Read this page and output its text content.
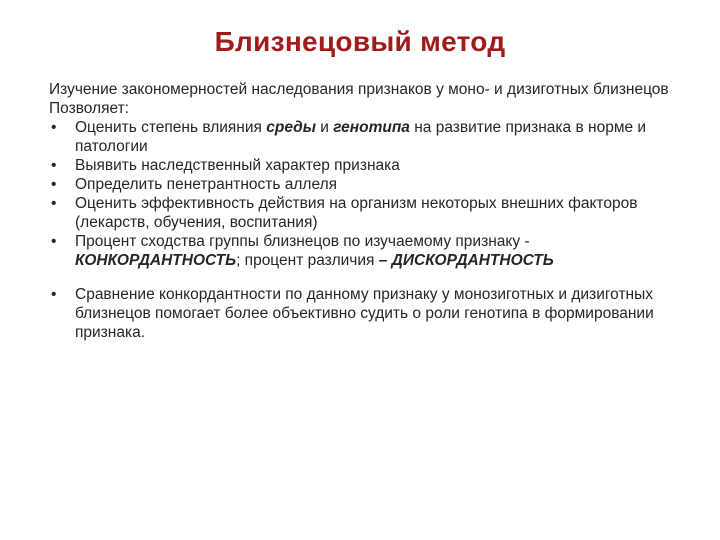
Близнецовый метод

Изучение закономерностей наследования признаков у моно- и дизиготных близнецов

Позволяет:

• Оценить степень влияния среды и генотипа на развитие признака в норме и патологии
• Выявить наследственный характер признака
• Определить пенетрантность аллеля
• Оценить эффективность действия на организм некоторых внешних факторов (лекарств, обучения, воспитания)
• Процент сходства группы близнецов по изучаемому признаку - КОНКОРДАНТНОСТЬ; процент различия – ДИСКОРДАНТНОСТЬ
• Сравнение конкордантности по данному признаку у монозиготных и дизиготных близнецов помогает более объективно судить о роли генотипа в формировании признака.
